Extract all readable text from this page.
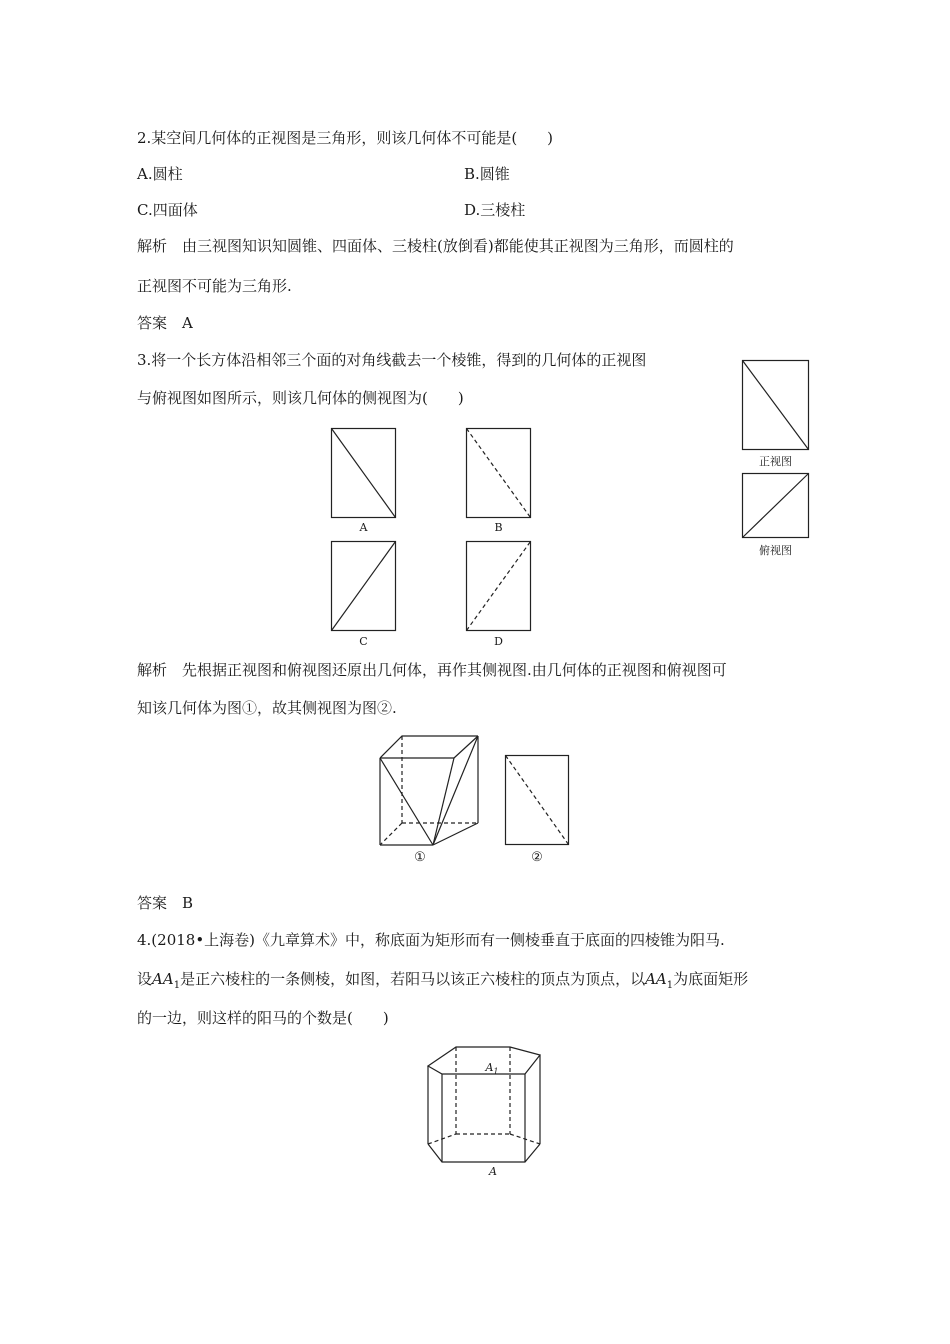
2.某空间几何体的正视图是三角形，则该几何体不可能是(　　)
A.圆柱	B.圆锥
C.四面体	D.三棱柱
解析　由三视图知识知圆锥、四面体、三棱柱(放倒看)都能使其正视图为三角形，而圆柱的
正视图不可能为三角形.
答案　A
3.将一个长方体沿相邻三个面的对角线截去一个棱锥，得到的几何体的正视图
与俯视图如图所示，则该几何体的侧视图为(　　)
正视图
俯视图
A	B
C	D
解析　先根据正视图和俯视图还原出几何体，再作其侧视图.由几何体的正视图和俯视图可
知该几何体为图①，故其侧视图为图②.
①	②
答案　B
4.(2018•上海卷)《九章算术》中，称底面为矩形而有一侧棱垂直于底面的四棱锥为阳马.
设$AA_1$是正六棱柱的一条侧棱，如图，若阳马以该正六棱柱的顶点为顶点，以$AA_1$为底面矩形
的一边，则这样的阳马的个数是(　　)
$A_1$
A
